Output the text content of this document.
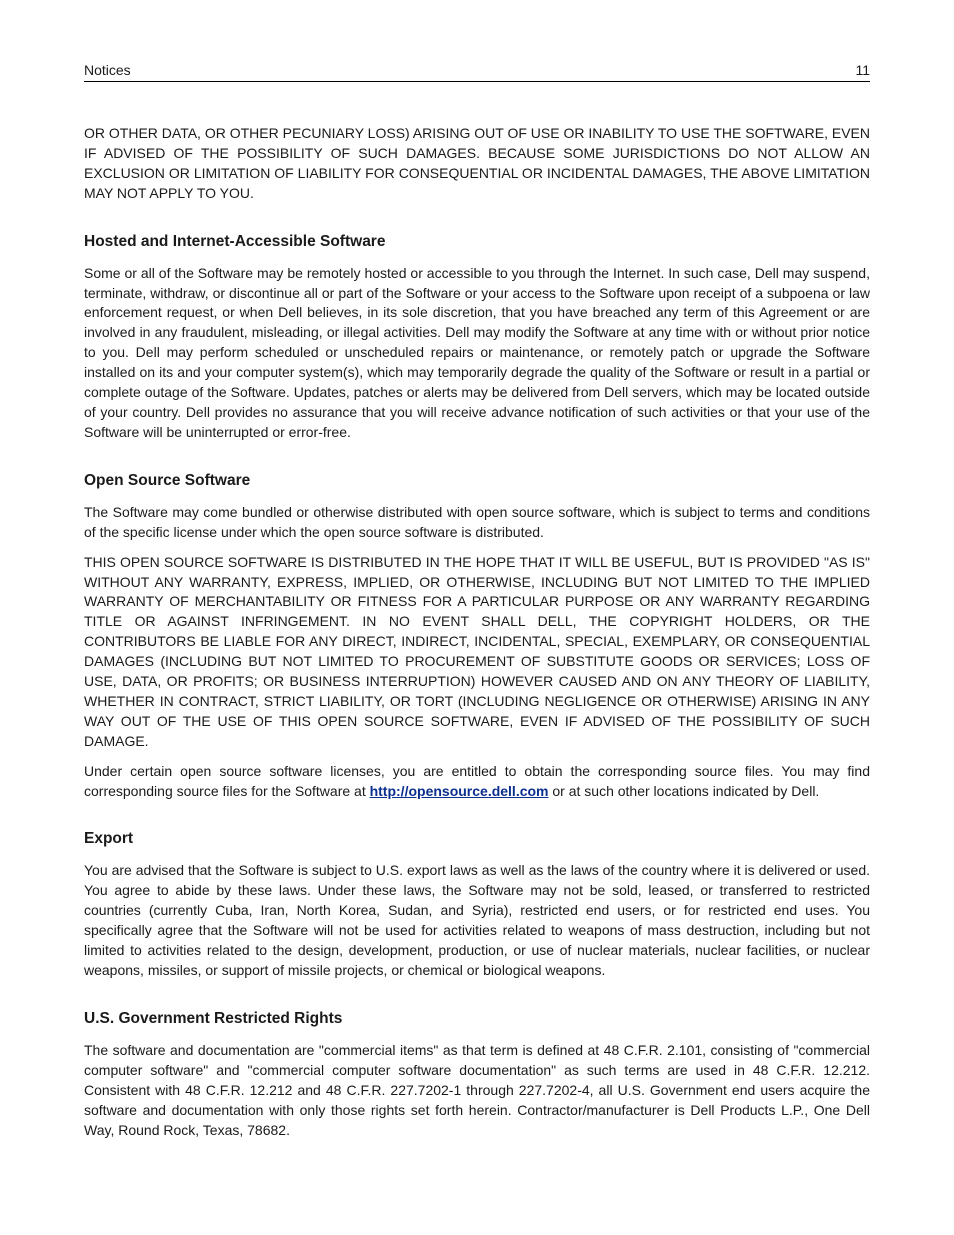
Notices	11

OR OTHER DATA, OR OTHER PECUNIARY LOSS) ARISING OUT OF USE OR INABILITY TO USE THE SOFTWARE, EVEN IF ADVISED OF THE POSSIBILITY OF SUCH DAMAGES. BECAUSE SOME JURISDICTIONS DO NOT ALLOW AN EXCLUSION OR LIMITATION OF LIABILITY FOR CONSEQUENTIAL OR INCIDENTAL DAMAGES, THE ABOVE LIMITATION MAY NOT APPLY TO YOU.

Hosted and Internet-Accessible Software

Some or all of the Software may be remotely hosted or accessible to you through the Internet. In such case, Dell may suspend, terminate, withdraw, or discontinue all or part of the Software or your access to the Software upon receipt of a subpoena or law enforcement request, or when Dell believes, in its sole discretion, that you have breached any term of this Agreement or are involved in any fraudulent, misleading, or illegal activities. Dell may modify the Software at any time with or without prior notice to you. Dell may perform scheduled or unscheduled repairs or maintenance, or remotely patch or upgrade the Software installed on its and your computer system(s), which may temporarily degrade the quality of the Software or result in a partial or complete outage of the Software. Updates, patches or alerts may be delivered from Dell servers, which may be located outside of your country. Dell provides no assurance that you will receive advance notification of such activities or that your use of the Software will be uninterrupted or error-free.

Open Source Software

The Software may come bundled or otherwise distributed with open source software, which is subject to terms and conditions of the specific license under which the open source software is distributed.

THIS OPEN SOURCE SOFTWARE IS DISTRIBUTED IN THE HOPE THAT IT WILL BE USEFUL, BUT IS PROVIDED "AS IS" WITHOUT ANY WARRANTY, EXPRESS, IMPLIED, OR OTHERWISE, INCLUDING BUT NOT LIMITED TO THE IMPLIED WARRANTY OF MERCHANTABILITY OR FITNESS FOR A PARTICULAR PURPOSE OR ANY WARRANTY REGARDING TITLE OR AGAINST INFRINGEMENT. IN NO EVENT SHALL DELL, THE COPYRIGHT HOLDERS, OR THE CONTRIBUTORS BE LIABLE FOR ANY DIRECT, INDIRECT, INCIDENTAL, SPECIAL, EXEMPLARY, OR CONSEQUENTIAL DAMAGES (INCLUDING BUT NOT LIMITED TO PROCUREMENT OF SUBSTITUTE GOODS OR SERVICES; LOSS OF USE, DATA, OR PROFITS; OR BUSINESS INTERRUPTION) HOWEVER CAUSED AND ON ANY THEORY OF LIABILITY, WHETHER IN CONTRACT, STRICT LIABILITY, OR TORT (INCLUDING NEGLIGENCE OR OTHERWISE) ARISING IN ANY WAY OUT OF THE USE OF THIS OPEN SOURCE SOFTWARE, EVEN IF ADVISED OF THE POSSIBILITY OF SUCH DAMAGE.

Under certain open source software licenses, you are entitled to obtain the corresponding source files. You may find corresponding source files for the Software at http://opensource.dell.com or at such other locations indicated by Dell.

Export

You are advised that the Software is subject to U.S. export laws as well as the laws of the country where it is delivered or used. You agree to abide by these laws. Under these laws, the Software may not be sold, leased, or transferred to restricted countries (currently Cuba, Iran, North Korea, Sudan, and Syria), restricted end users, or for restricted end uses. You specifically agree that the Software will not be used for activities related to weapons of mass destruction, including but not limited to activities related to the design, development, production, or use of nuclear materials, nuclear facilities, or nuclear weapons, missiles, or support of missile projects, or chemical or biological weapons.

U.S. Government Restricted Rights

The software and documentation are "commercial items" as that term is defined at 48 C.F.R. 2.101, consisting of "commercial computer software" and "commercial computer software documentation" as such terms are used in 48 C.F.R. 12.212. Consistent with 48 C.F.R. 12.212 and 48 C.F.R. 227.7202-1 through 227.7202-4, all U.S. Government end users acquire the software and documentation with only those rights set forth herein. Contractor/manufacturer is Dell Products L.P., One Dell Way, Round Rock, Texas, 78682.
